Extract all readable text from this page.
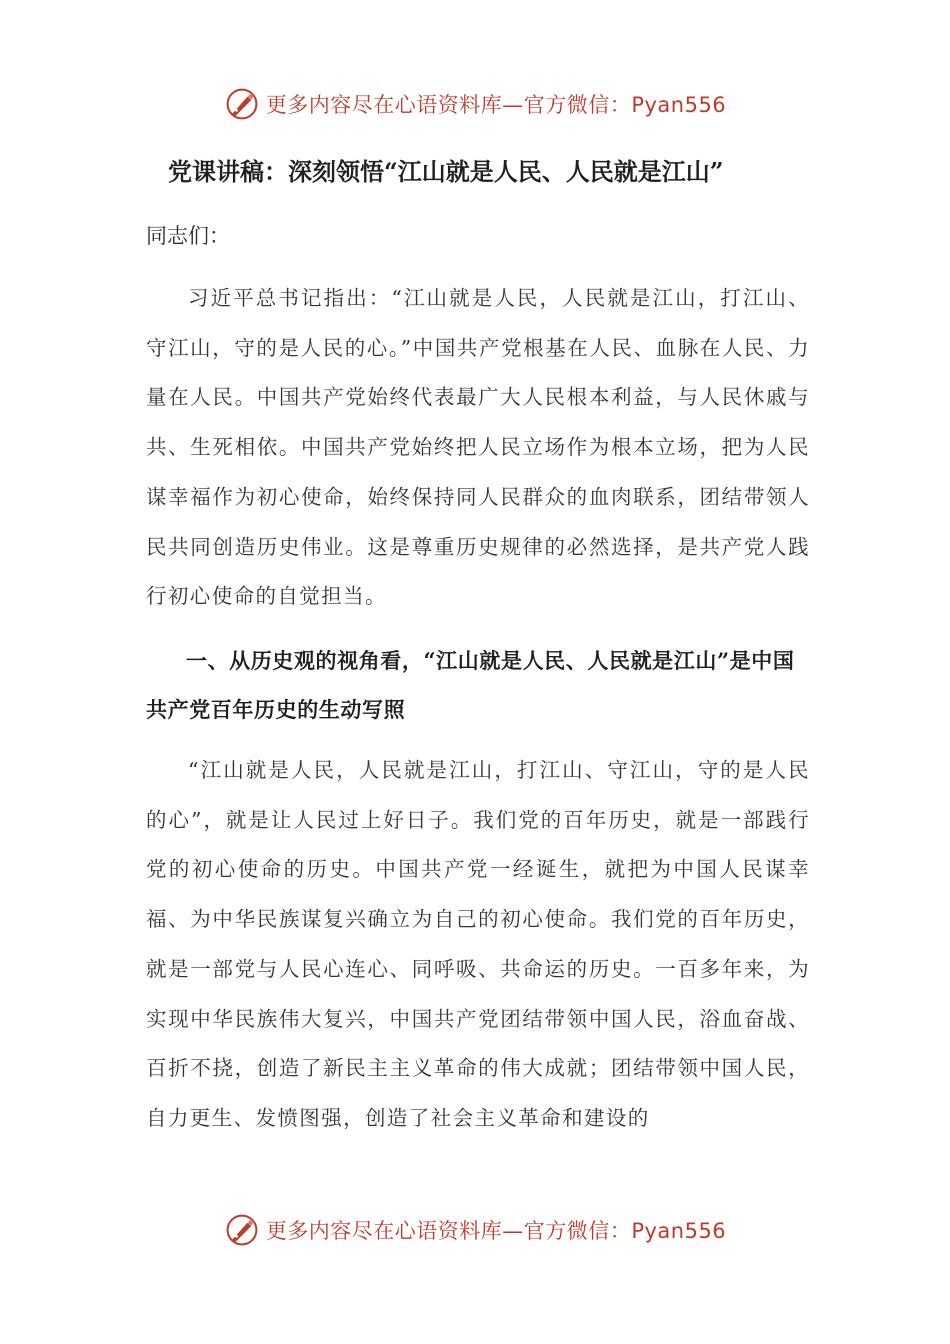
更多内容尽在心语资料库—官方微信：Pyan556
党课讲稿：深刻领悟“江山就是人民、人民就是江山”
同志们：
习近平总书记指出：“江山就是人民，人民就是江山，打江山、守江山，守的是人民的心。”中国共产党根基在人民、血脉在人民、力量在人民。中国共产党始终代表最广大人民根本利益，与人民休戚与共、生死相依。中国共产党始终把人民立场作为根本立场，把为人民谋幸福作为初心使命，始终保持同人民群众的血肉联系，团结带领人民共同创造历史伟业。这是尊重历史规律的必然选择，是共产党人践行初心使命的自觉担当。
一、从历史观的视角看，“江山就是人民、人民就是江山”是中国共产党百年历史的生动写照
“江山就是人民，人民就是江山，打江山、守江山，守的是人民的心”，就是让人民过上好日子。我们党的百年历史，就是一部践行党的初心使命的历史。中国共产党一经诞生，就把为中国人民谋幸福、为中华民族谋复兴确立为自己的初心使命。我们党的百年历史，就是一部党与人民心连心、同呼吸、共命运的历史。一百多年来，为实现中华民族伟大复兴，中国共产党团结带领中国人民，浴血奋战、百折不挠，创造了新民主主义革命的伟大成就；团结带领中国人民，自力更生、发愤图强，创造了社会主义革命和建设的
更多内容尽在心语资料库—官方微信：Pyan556
